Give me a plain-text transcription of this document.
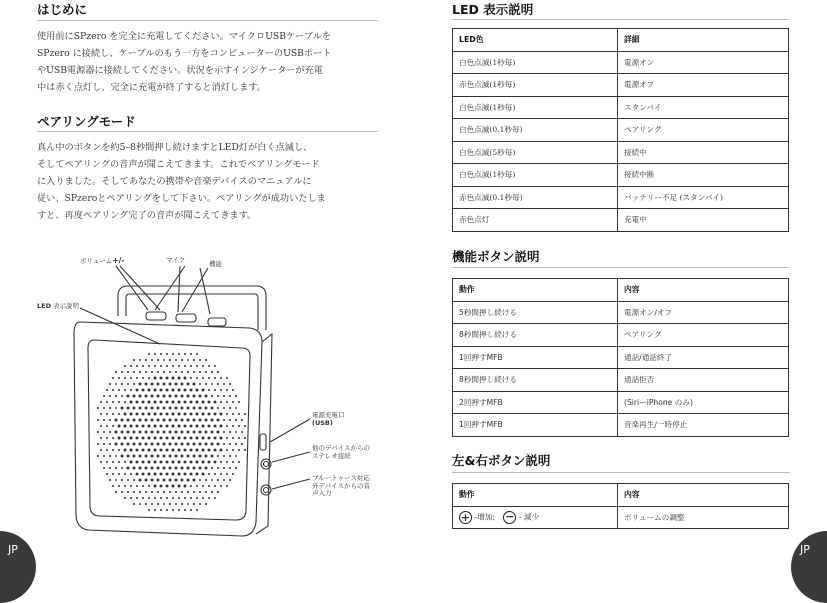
はじめに
使用前にSPzero を完全に充電してください。マイクロUSBケーブルを
SPzero に接続し、ケーブルのもう一方をコンピューターのUSBポート
やUSB電源器に接続してください。状況を示すインジケーターが充電
中は赤く点灯し、完全に充電が終了すると消灯します。
ペアリングモード
真ん中のボタンを約5–8秒間押し続けますとLED灯が白く点滅し、
そしてペアリングの音声が聞こえてきます。これでペアリングモード
に入りました。そしてあなたの携帯や音楽デバイスのマニュアルに
従い、SPzeroとペアリングをして下さい。ペアリングが成功いたしま
すと、再度ペアリング完了の音声が聞こえてきます。
ボリューム+/-	マイク	機能
LED 表示説明
電源充電口
(USB)
他のデバイスからの
ステレオ接続
ブルートゥース対応
外デバイスからの音
声入力
JP
LED 表示説明
LED色	詳細
白色点滅(1秒毎)	電源オン
赤色点滅(1秒毎)	電源オフ
白色点滅(1秒毎)	スタンバイ
白色点滅(0.1秒毎)	ペアリング
白色点滅(5秒毎)	接続中
白色点滅(1秒毎)	接続中断
赤色点滅(0.1秒毎)	バッテリー不足 (スタンバイ)
赤色点灯	充電中
機能ボタン説明
動作	内容
5秒間押し続ける	電源オン/オフ
8秒間押し続ける	ペアリング
1回押すMFB	通話/通話終了
8秒間押し続ける	通話拒否
2回押すMFB	(Siri—iPhone のみ)
1回押すMFB	音楽再生/一時停止
左&右ボタン説明
動作	内容
+ -増加; − - 減少	ボリュームの調整
JP
